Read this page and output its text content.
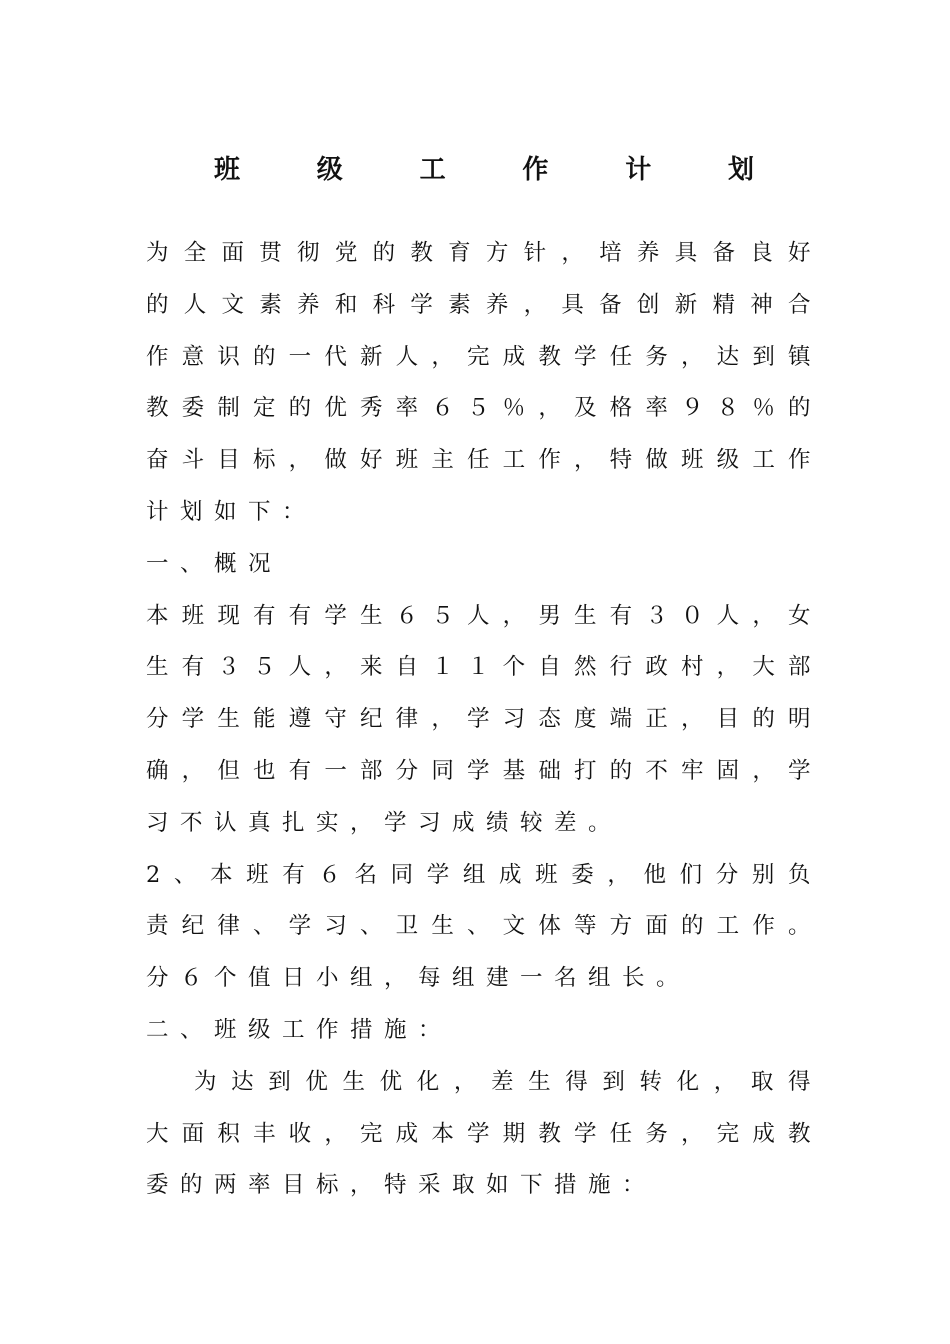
班	级	工	作	计	划
为全面贯彻党的教育方针，培养具备良好
的人文素养和科学素养，具备创新精神合
作意识的一代新人，完成教学任务，达到镇
教委制定的优秀率６５％，及格率９８％的
奋斗目标，做好班主任工作，特做班级工作
计划如下：
一、概况
本班现有有学生６５人，男生有３０人，女
生有３５人，来自１１个自然行政村，大部
分学生能遵守纪律，学习态度端正，目的明
确，但也有一部分同学基础打的不牢固，学
习不认真扎实，学习成绩较差。
2、本班有６名同学组成班委，他们分别负
责纪律、学习、卫生、文体等方面的工作。
分６个值日小组，每组建一名组长。
二、班级工作措施：
为达到优生优化，差生得到转化，取得
大面积丰收，完成本学期教学任务，完成教
委的两率目标，特采取如下措施：
